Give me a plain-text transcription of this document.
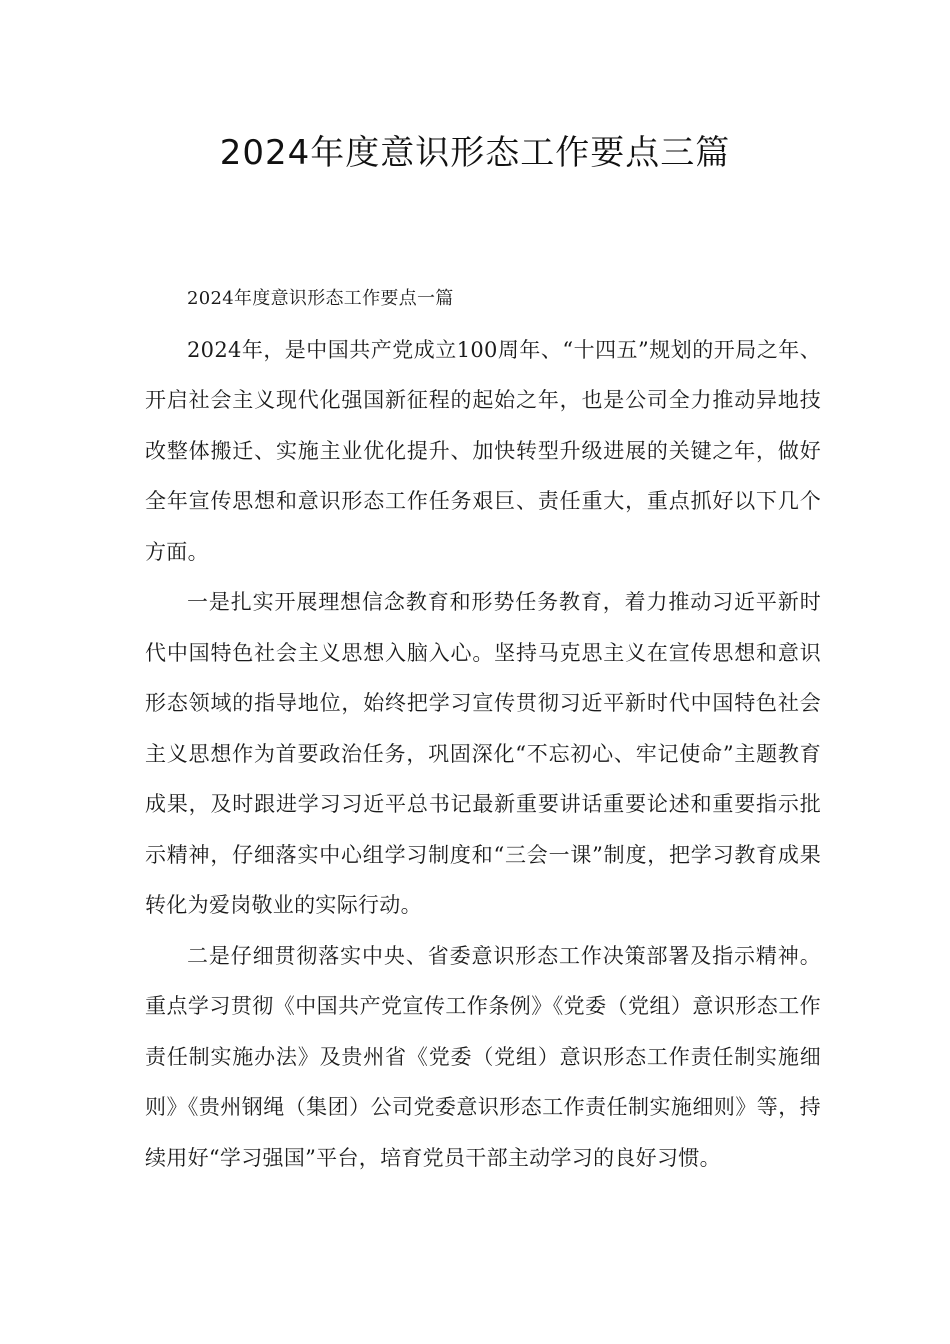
2024年度意识形态工作要点三篇

2024年度意识形态工作要点一篇

2024年，是中国共产党成立100周年、“十四五”规划的开局之年、开启社会主义现代化强国新征程的起始之年，也是公司全力推动异地技改整体搬迁、实施主业优化提升、加快转型升级进展的关键之年，做好全年宣传思想和意识形态工作任务艰巨、责任重大，重点抓好以下几个方面。

一是扎实开展理想信念教育和形势任务教育，着力推动习近平新时代中国特色社会主义思想入脑入心。坚持马克思主义在宣传思想和意识形态领域的指导地位，始终把学习宣传贯彻习近平新时代中国特色社会主义思想作为首要政治任务，巩固深化“不忘初心、牢记使命”主题教育成果，及时跟进学习习近平总书记最新重要讲话重要论述和重要指示批示精神，仔细落实中心组学习制度和“三会一课”制度，把学习教育成果转化为爱岗敬业的实际行动。

二是仔细贯彻落实中央、省委意识形态工作决策部署及指示精神。重点学习贯彻《中国共产党宣传工作条例》《党委（党组）意识形态工作责任制实施办法》及贵州省《党委（党组）意识形态工作责任制实施细则》《贵州钢绳（集团）公司党委意识形态工作责任制实施细则》等，持续用好“学习强国”平台，培育党员干部主动学习的良好习惯。
